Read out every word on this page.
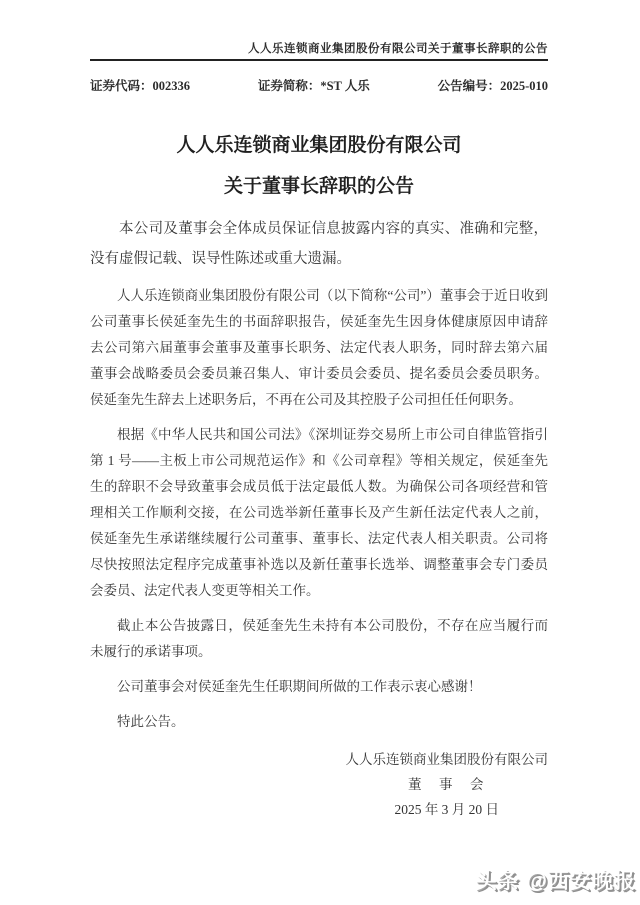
人人乐连锁商业集团股份有限公司关于董事长辞职的公告
证券代码：002336	证券简称：*ST 人乐	公告编号：2025-010
人人乐连锁商业集团股份有限公司
关于董事长辞职的公告

本公司及董事会全体成员保证信息披露内容的真实、准确和完整，没有虚假记载、误导性陈述或重大遗漏。

人人乐连锁商业集团股份有限公司（以下简称“公司”）董事会于近日收到公司董事长侯延奎先生的书面辞职报告，侯延奎先生因身体健康原因申请辞去公司第六届董事会董事及董事长职务、法定代表人职务，同时辞去第六届董事会战略委员会委员兼召集人、审计委员会委员、提名委员会委员职务。侯延奎先生辞去上述职务后，不再在公司及其控股子公司担任任何职务。

根据《中华人民共和国公司法》《深圳证券交易所上市公司自律监管指引第 1 号——主板上市公司规范运作》和《公司章程》等相关规定，侯延奎先生的辞职不会导致董事会成员低于法定最低人数。为确保公司各项经营和管理相关工作顺利交接，在公司选举新任董事长及产生新任法定代表人之前，侯延奎先生承诺继续履行公司董事、董事长、法定代表人相关职责。公司将尽快按照法定程序完成董事补选以及新任董事长选举、调整董事会专门委员会委员、法定代表人变更等相关工作。

截止本公告披露日，侯延奎先生未持有本公司股份，不存在应当履行而未履行的承诺事项。

公司董事会对侯延奎先生任职期间所做的工作表示衷心感谢！

特此公告。

人人乐连锁商业集团股份有限公司
董　事　会
2025 年 3 月 20 日
头条 @西安晚报
